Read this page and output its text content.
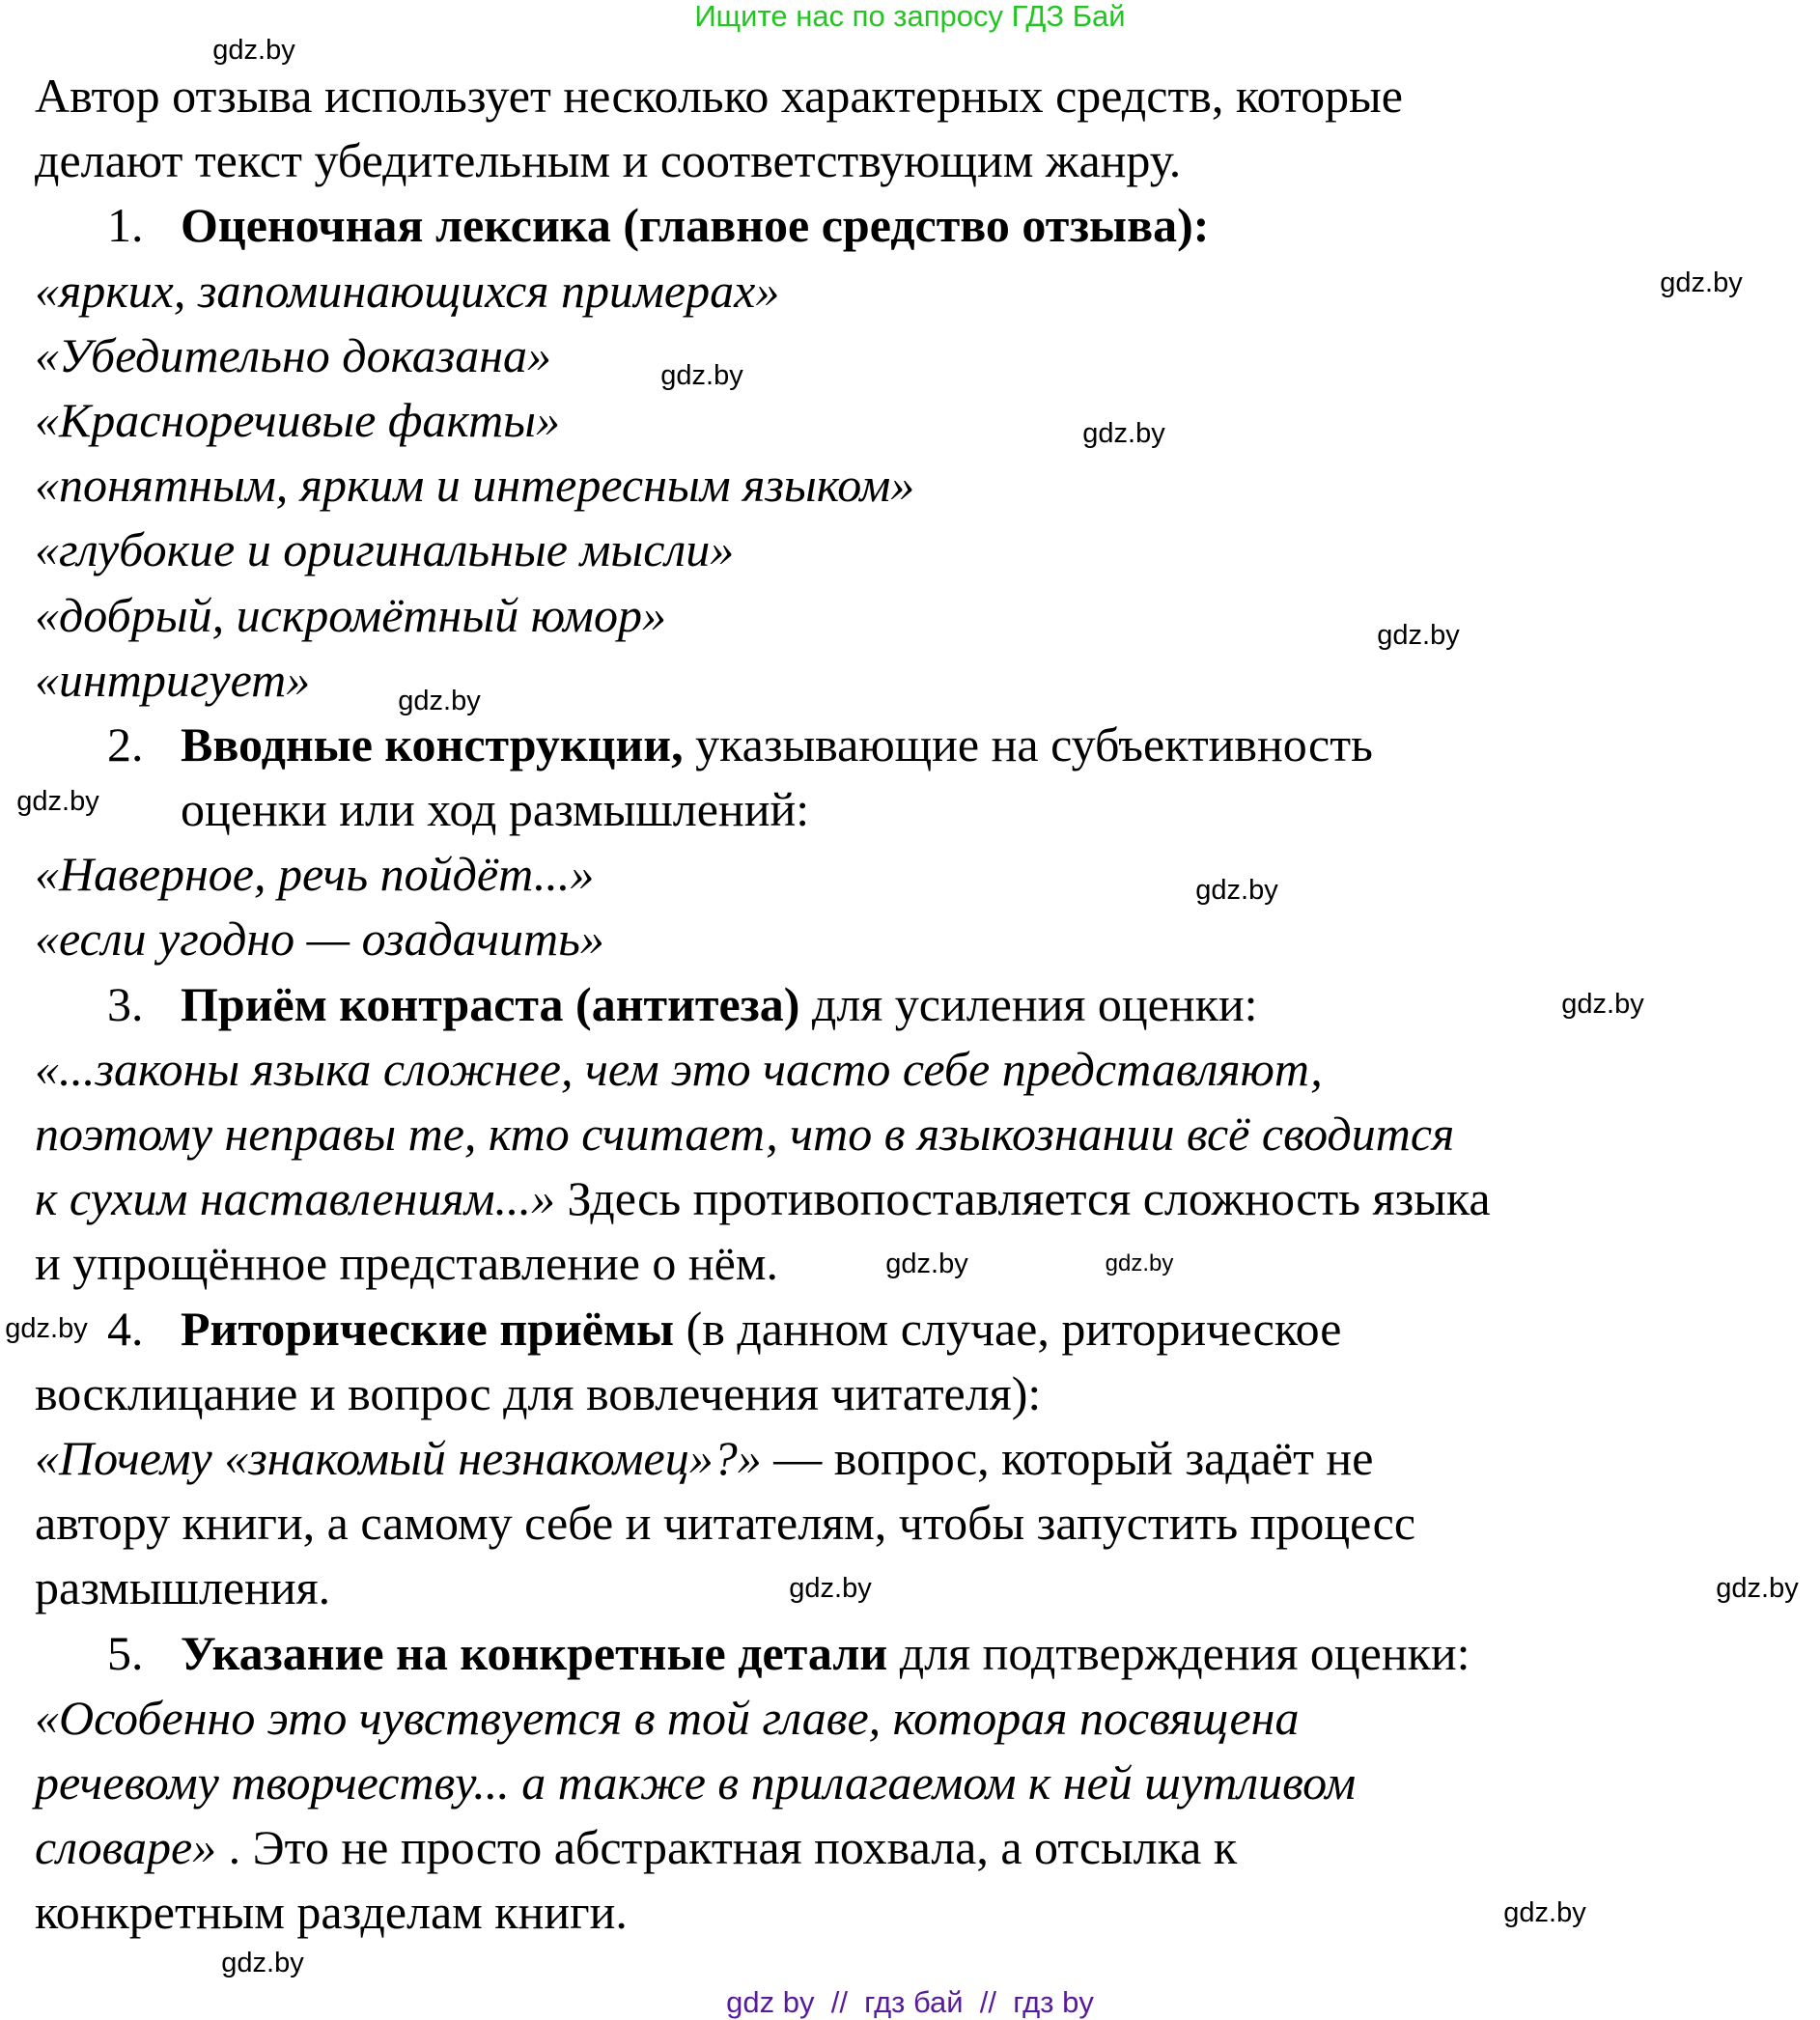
Ищите нас по запросу ГДЗ Бай
Автор отзыва использует несколько характерных средств, которые
делают текст убедительным и соответствующим жанру.
1. Оценочная лексика (главное средство отзыва):
«ярких, запоминающихся примерах»
«Убедительно доказана»
«Красноречивые факты»
«понятным, ярким и интересным языком»
«глубокие и оригинальные мысли»
«добрый, искромётный юмор»
«интригует»
2. Вводные конструкции, указывающие на субъективность
оценки или ход размышлений:
«Наверное, речь пойдёт...»
«если угодно — озадачить»
3. Приём контраста (антитеза) для усиления оценки:
«...законы языка сложнее, чем это часто себе представляют,
поэтому неправы те, кто считает, что в языкознании всё сводится
к сухим наставлениям...» Здесь противопоставляется сложность языка
и упрощённое представление о нём.
4. Риторические приёмы (в данном случае, риторическое
восклицание и вопрос для вовлечения читателя):
«Почему «знакомый незнакомец»?» — вопрос, который задаёт не
автору книги, а самому себе и читателям, чтобы запустить процесс
размышления.
5. Указание на конкретные детали для подтверждения оценки:
«Особенно это чувствуется в той главе, которая посвящена
речевому творчеству... а также в прилагаемом к ней шутливом
словаре» . Это не просто абстрактная похвала, а отсылка к
конкретным разделам книги.
gdz.by
gdz.by
gdz.by
gdz.by
gdz.by
gdz.by
gdz.by
gdz.by
gdz.by
gdz.by
gdz.by
gdz.by
gdz.by	gdz.by
gdz.by
gdz.by
gdz by  //  гдз бай  //  гдз by
